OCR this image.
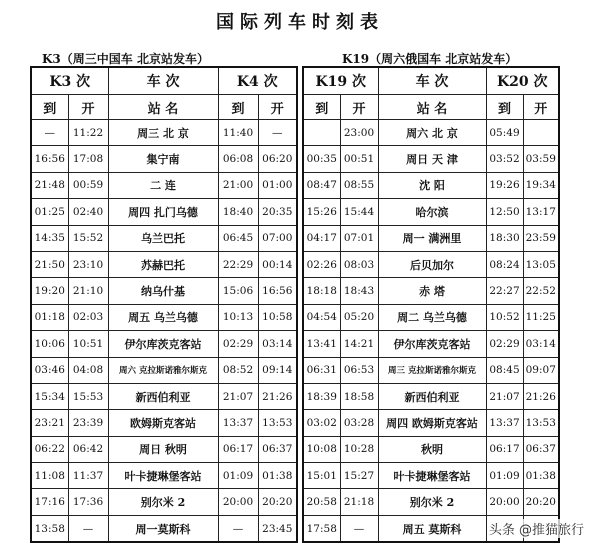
国际列车时刻表
K3（周三中国车 北京站发车）	K19（周六俄国车 北京站发车）
K3 次		车 次	K4 次	
到	开	站 名	到	开
—	11:22	周三 北 京	11:40	—
16:56	17:08	集宁南	06:08	06:20
21:48	00:59	二 连	21:00	01:00
01:25	02:40	周四 扎门乌德	18:40	20:35
14:35	15:52	乌兰巴托	06:45	07:00
21:50	23:10	苏赫巴托	22:29	00:14
19:20	21:10	纳乌什基	15:06	16:56
01:18	02:03	周五 乌兰乌德	10:13	10:58
10:06	10:51	伊尔库茨克客站	02:29	03:14
03:46	04:08	周六 克拉斯诺雅尔斯克	08:52	09:14
15:34	15:53	新西伯利亚	21:07	21:26
23:21	23:39	欧姆斯克客站	13:37	13:53
06:22	06:42	周日 秋明	06:17	06:37
11:08	11:37	叶卡捷琳堡客站	01:09	01:38
17:16	17:36	别尔米 2	20:00	20:20
13:58	—	周一莫斯科	—	23:45
K19 次		车 次	K20 次	
到	开	站 名	到	开
	23:00	周六 北 京	05:49	
00:35	00:51	周日 天 津	03:52	03:59
08:47	08:55	沈 阳	19:26	19:34
15:26	15:44	哈尔滨	12:50	13:17
04:17	07:01	周一 满洲里	18:30	23:59
02:26	08:03	后贝加尔	08:24	13:05
18:18	18:43	赤 塔	22:27	22:52
04:54	05:20	周二 乌兰乌德	10:52	11:25
13:41	14:21	伊尔库茨克客站	02:29	03:14
06:31	06:53	周三 克拉斯诺雅尔斯克	08:45	09:07
18:39	18:58	新西伯利亚	21:07	21:26
03:02	03:28	周四 欧姆斯克客站	13:37	13:53
10:08	10:28	秋明	06:17	06:37
15:01	15:27	叶卡捷琳堡客站	01:09	01:38
20:58	21:18	别尔米 2	20:00	20:20
17:58	—	周五 莫斯科		头条 @推猫旅行
